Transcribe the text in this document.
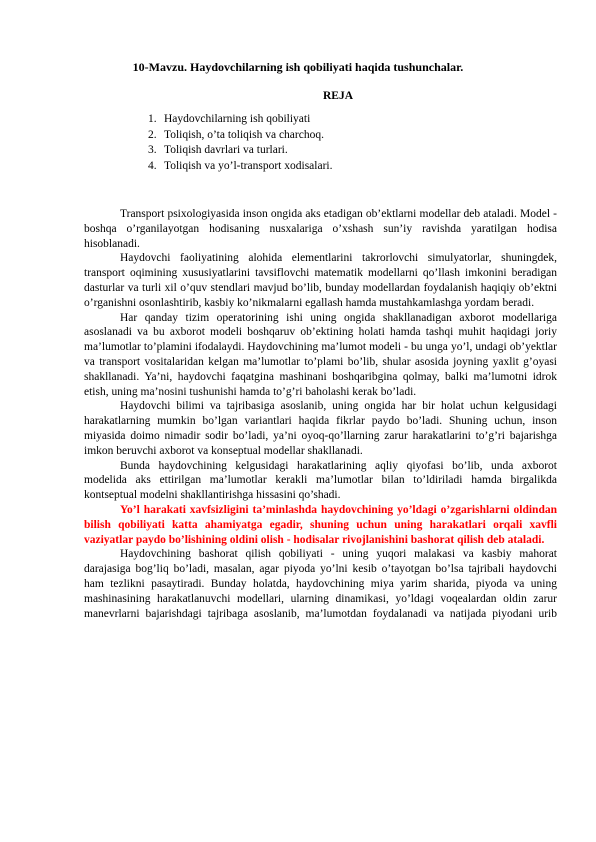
10-Mavzu. Haydovchilarning ish qobiliyati haqida tushunchalar.
REJA
1. Haydovchilarning ish qobiliyati
2. Toliqish, o’ta toliqish va charchoq.
3. Toliqish davrlari va turlari.
4. Toliqish va yo’l-transport xodisalari.

Transport psixologiyasida inson ongida aks etadigan ob’ektlarni modellar deb ataladi. Model - boshqa o’rganilayotgan hodisaning nusxalariga o’xshash sun’iy ravishda yaratilgan hodisa hisoblanadi.

Haydovchi faoliyatining alohida elementlarini takrorlovchi simulyatorlar, shuningdek, transport oqimining xususiyatlarini tavsiflovchi matematik modellarni qo’llash imkonini beradigan dasturlar va turli xil o’quv stendlari mavjud bo’lib, bunday modellardan foydalanish haqiqiy ob’ektni o’rganishni osonlashtirib, kasbiy ko’nikmalarni egallash hamda mustahkamlashga yordam beradi.

Har qanday tizim operatorining ishi uning ongida shakllanadigan axborot modellariga asoslanadi va bu axborot modeli boshqaruv ob’ektining holati hamda tashqi muhit haqidagi joriy ma’lumotlar to’plamini ifodalaydi. Haydovchining ma’lumot modeli - bu unga yo’l, undagi ob’yektlar va transport vositalaridan kelgan ma’lumotlar to’plami bo’lib, shular asosida joyning yaxlit g’oyasi shakllanadi. Ya’ni, haydovchi faqatgina mashinani boshqaribgina qolmay, balki ma’lumotni idrok etish, uning ma’nosini tushunishi hamda to’g’ri baholashi kerak bo’ladi.

Haydovchi bilimi va tajribasiga asoslanib, uning ongida har bir holat uchun kelgusidagi harakatlarning mumkin bo’lgan variantlari haqida fikrlar paydo bo’ladi. Shuning uchun, inson miyasida doimo nimadir sodir bo’ladi, ya’ni oyoq-qo’llarning zarur harakatlarini to’g’ri bajarishga imkon beruvchi axborot va konseptual modellar shakllanadi.

Bunda haydovchining kelgusidagi harakatlarining aqliy qiyofasi bo’lib, unda axborot modelida aks ettirilgan ma’lumotlar kerakli ma’lumotlar bilan to’ldiriladi hamda birgalikda kontseptual modelni shakllantirishga hissasini qo’shadi.

Yo’l harakati xavfsizligini ta’minlashda haydovchining yo’ldagi o’zgarishlarni oldindan bilish qobiliyati katta ahamiyatga egadir, shuning uchun uning harakatlari orqali xavfli vaziyatlar paydo bo’lishining oldini olish - hodisalar rivojlanishini bashorat qilish deb ataladi.

Haydovchining bashorat qilish qobiliyati - uning yuqori malakasi va kasbiy mahorat darajasiga bog’liq bo’ladi, masalan, agar piyoda yo’lni kesib o’tayotgan bo’lsa tajribali haydovchi ham tezlikni pasaytiradi. Bunday holatda, haydovchining miya yarim sharida, piyoda va uning mashinasining harakatlanuvchi modellari, ularning dinamikasi, yo’ldagi voqealardan oldin zarur manevrlarni bajarishdagi tajribaga asoslanib, ma’lumotdan foydalanadi va natijada piyodani urib
